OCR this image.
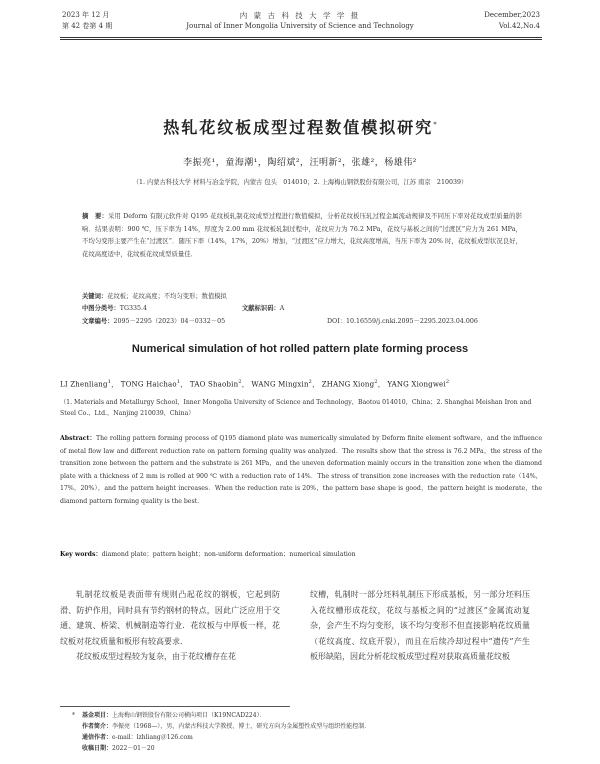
2023 年 12 月
第 42 卷第 4 期
内 蒙 古 科 技 大 学 学 报
Journal of Inner Mongolia University of Science and Technology
December,2023
Vol.42,No.4
热轧花纹板成型过程数值模拟研究*
李振亮¹，童海潮¹，陶绍斌²，汪明新²，张雄²，杨雄伟²
（1. 内蒙古科技大学 材料与冶金学院，内蒙古 包头　014010；2. 上海梅山钢铁股份有限公司，江苏 南京　210039）
摘　要：采用 Deform 有限元软件对 Q195 花纹板轧制花纹成型过程进行数值模拟，分析花纹板压轧过程金属流动规律及不同压下率对花纹成型质量的影响．结果表明：900 ℃，压下率为 14%，厚度为 2.00 mm 花纹板轧制过程中，花纹应力为 76.2 MPa，花纹与基板之间的“过渡区”应力为 261 MPa，不均匀变形主要产生在“过渡区”．随压下率（14%，17%，20%）增加，“过渡区”应力增大，花纹高度增高，当压下率为 20% 时，花纹板成型状况良好，花纹高度适中，花纹板花纹成型质量佳．
关键词：花纹板；花纹高度；不均匀变形；数值模拟
中图分类号：TG335.4	文献标识码：A
文章编号：2095－2295（2023）04－0332－05	DOI：10.16559/j.cnki.2095－2295.2023.04.006
Numerical simulation of hot rolled pattern plate forming process
LI Zhenliang$^1$， TONG Haichao$^1$， TAO Shaobin$^2$， WANG Mingxin$^2$， ZHANG Xiong$^2$， YANG Xiongwei$^2$
（1. Materials and Metallurgy School，Inner Mongolia University of Science and Technology，Baotou 014010，China；2. Shanghai Meishan Iron and Steel Co.，Ltd.，Nanjing 210039，China）
Abstract：The rolling pattern forming process of Q195 diamond plate was numerically simulated by Deform finite element software，and the influence of metal flow law and different reduction rate on pattern forming quality was analyzed．The results show that the stress is 76.2 MPa，the stress of the transition zone between the pattern and the substrate is 261 MPa，and the uneven deformation mainly occurs in the transition zone when the diamond plate with a thickness of 2 mm is rolled at 900 ℃ with a reduction rate of 14%．The stress of transition zone increases with the reduction rate（14%，17%，20%），and the pattern height increases．When the reduction rate is 20%，the pattern base shape is good，the pattern height is moderate，the diamond pattern forming quality is the best．
Key words：diamond plate；pattern height；non-uniform deformation；numerical simulation

轧制花纹板是表面带有规则凸起花纹的钢板，它起到防滑、防护作用，同时具有节约钢材的特点，因此广泛应用于交通、建筑、桥梁、机械制造等行业．花纹板与中厚板一样，花纹板对花纹质量和板形有较高要求．

花纹板成型过程较为复杂，由于花纹槽存在花

纹槽，轧制时一部分坯料轧制压下形成基板，另一部分坯料压入花纹槽形成花纹，花纹与基板之间的“过渡区”金属流动复杂，会产生不均匀变形，该不均匀变形不但直接影响花纹质量（花纹高度、纹底开裂），而且在后续冷却过程中“遗传”产生板形缺陷，因此分析花纹板成型过程对获取高质量花纹板

* 基金项目：上海梅山钢铁股份有限公司横向项目（K19NCAD224）．
作者简介：李振亮（1968—），男，内蒙古科技大学教授，博士，研究方向为金属塑性成型与组织性能控制．
通信作者：e-mail：lzhliang＠126.com
收稿日期：2022－01－20
